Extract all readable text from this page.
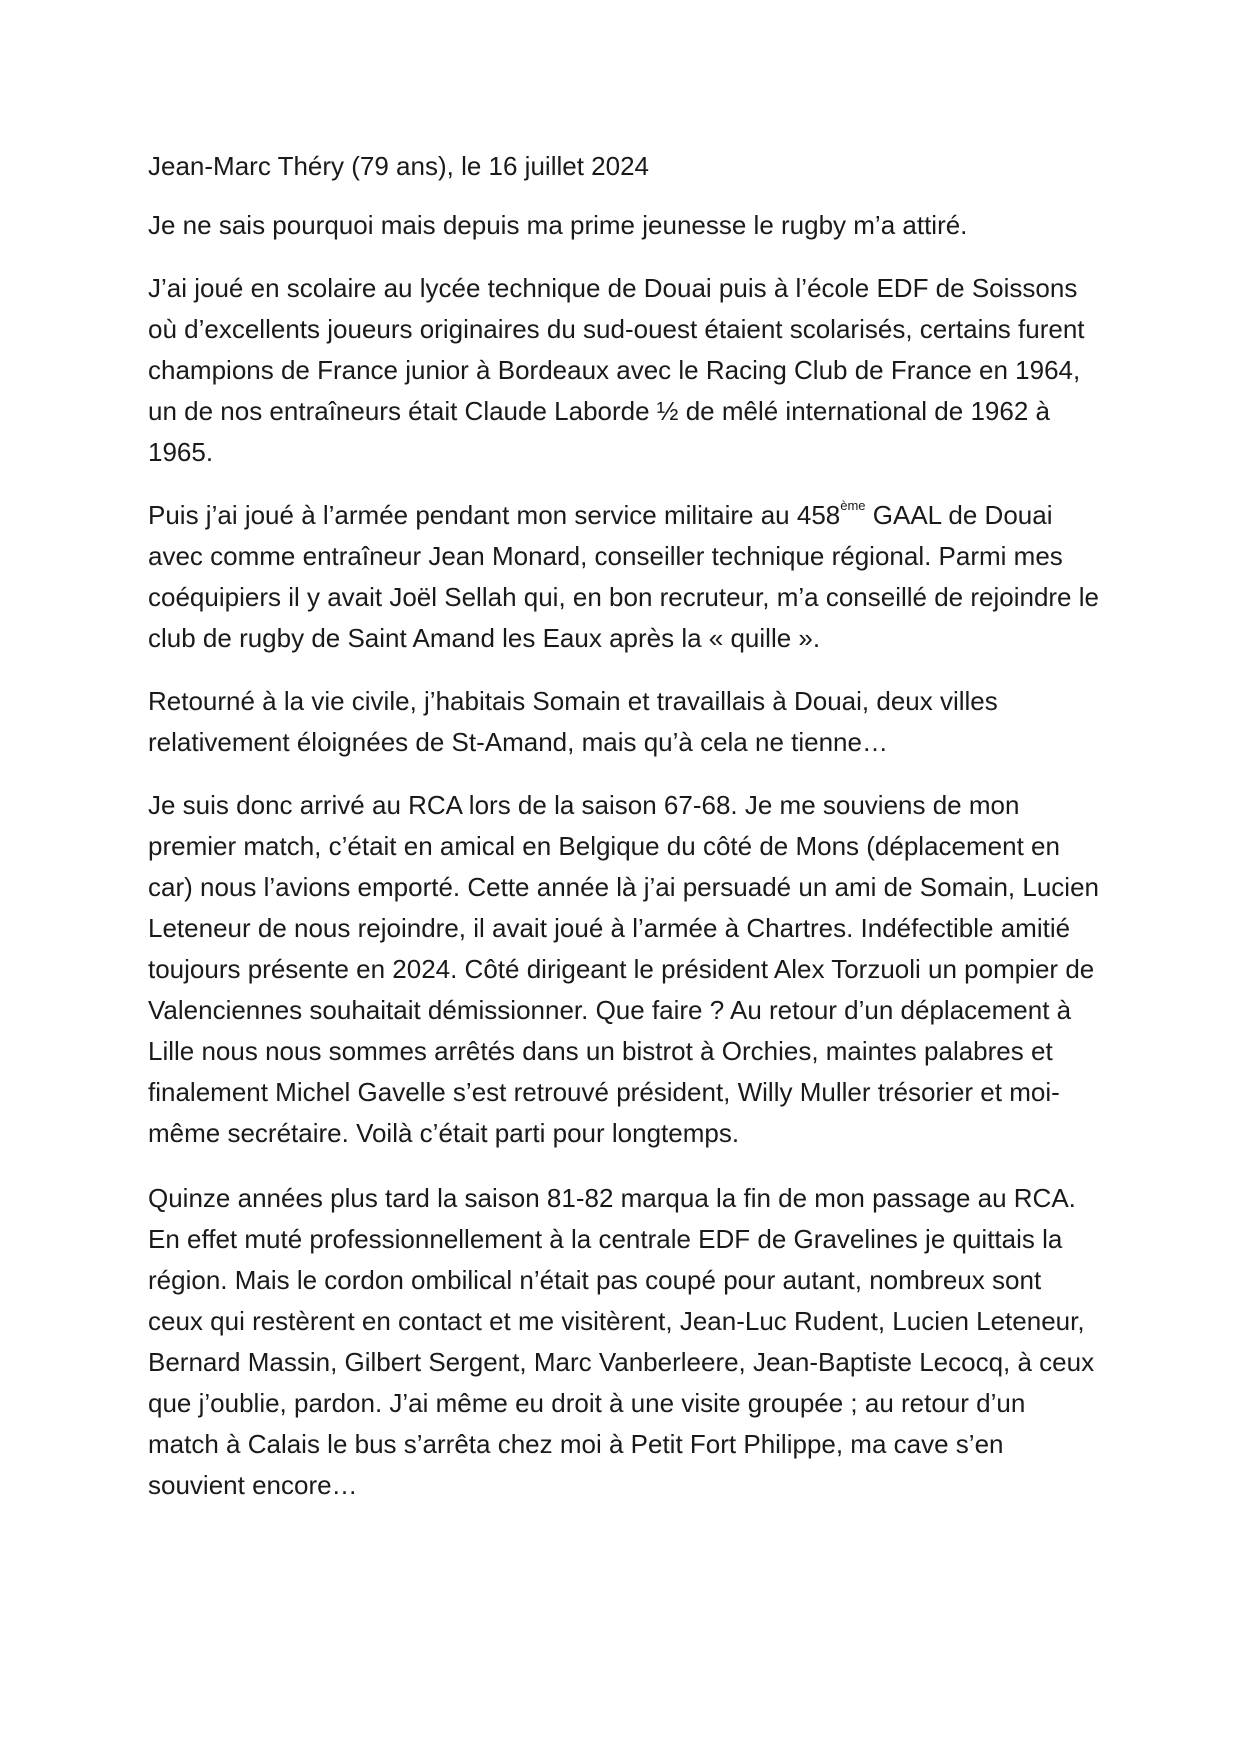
Jean-Marc Théry (79 ans), le 16 juillet 2024

Je ne sais pourquoi mais depuis ma prime jeunesse le rugby m’a attiré.

J’ai joué en scolaire au lycée technique de Douai puis à l’école EDF de Soissons où d’excellents joueurs originaires du sud-ouest étaient scolarisés, certains furent champions de France junior à Bordeaux avec le Racing Club de France en 1964, un de nos entraîneurs était Claude Laborde ½ de mêlé international de 1962 à 1965.

Puis j’ai joué à l’armée pendant mon service militaire au 458ème GAAL de Douai avec comme entraîneur Jean Monard, conseiller technique régional. Parmi mes coéquipiers il y avait Joël Sellah qui, en bon recruteur, m’a conseillé de rejoindre le club de rugby de Saint Amand les Eaux après la « quille ».

Retourné à la vie civile, j’habitais Somain et travaillais à Douai, deux villes relativement éloignées de St-Amand, mais qu’à cela ne tienne…

Je suis donc arrivé au RCA lors de la saison 67-68. Je me souviens de mon premier match, c’était en amical en Belgique du côté de Mons (déplacement en car) nous l’avions emporté. Cette année là j’ai persuadé un ami de Somain, Lucien Leteneur de nous rejoindre, il avait joué à l’armée à Chartres. Indéfectible amitié toujours présente en 2024. Côté dirigeant le président Alex Torzuoli un pompier de Valenciennes souhaitait démissionner. Que faire ? Au retour d’un déplacement à Lille nous nous sommes arrêtés dans un bistrot à Orchies, maintes palabres et finalement Michel Gavelle s’est retrouvé président, Willy Muller trésorier et moi-même secrétaire. Voilà c’était parti pour longtemps.

Quinze années plus tard la saison 81-82 marqua la fin de mon passage au RCA. En effet muté professionnellement à la centrale EDF de Gravelines je quittais la région. Mais le cordon ombilical n’était pas coupé pour autant, nombreux sont ceux qui restèrent en contact et me visitèrent, Jean-Luc Rudent, Lucien Leteneur, Bernard Massin, Gilbert Sergent, Marc Vanberleere, Jean-Baptiste Lecocq, à ceux que j’oublie, pardon. J’ai même eu droit à une visite groupée ; au retour d’un match à Calais le bus s’arrêta chez moi à Petit Fort Philippe, ma cave s’en souvient encore…
